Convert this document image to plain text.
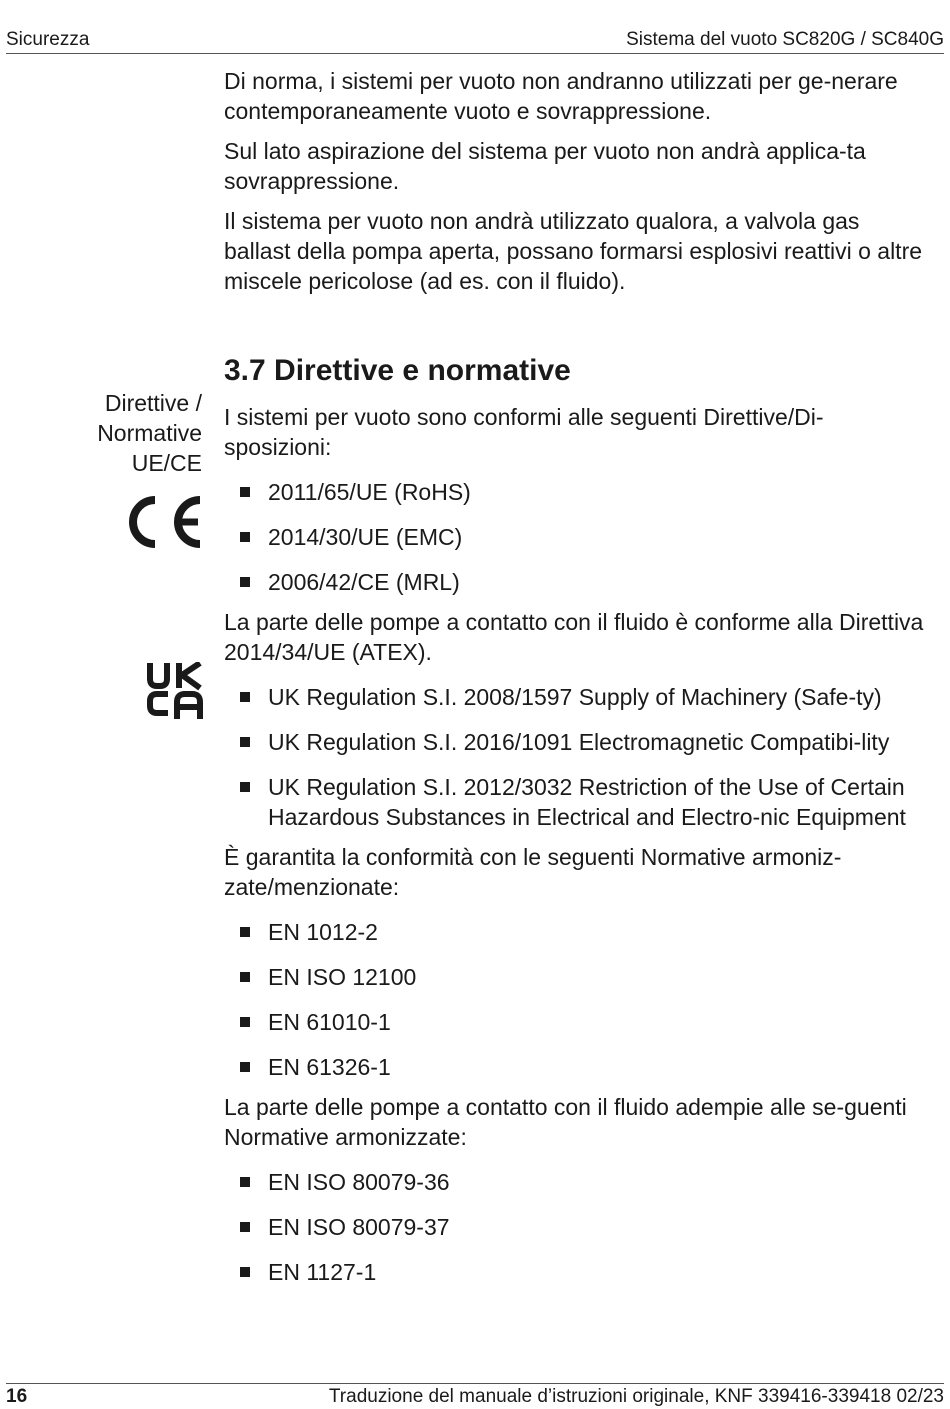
Sicurezza	Sistema del vuoto SC820G / SC840G
Direttive /
Normative
UE/CE

Di norma, i sistemi per vuoto non andranno utilizzati per ge-nerare contemporaneamente vuoto e sovrappressione.

Sul lato aspirazione del sistema per vuoto non andrà applica-ta sovrappressione.

Il sistema per vuoto non andrà utilizzato qualora, a valvola gas ballast della pompa aperta, possano formarsi esplosivi reattivi o altre miscele pericolose (ad es. con il fluido).

3.7 Direttive e normative

I sistemi per vuoto sono conformi alle seguenti Direttive/Di-sposizioni:

2011/65/UE (RoHS)
2014/30/UE (EMC)
2006/42/CE (MRL)

La parte delle pompe a contatto con il fluido è conforme alla Direttiva 2014/34/UE (ATEX).

UK Regulation S.I. 2008/1597 Supply of Machinery (Safe-ty)
UK Regulation S.I. 2016/1091 Electromagnetic Compatibi-lity
UK Regulation S.I. 2012/3032 Restriction of the Use of Certain Hazardous Substances in Electrical and Electro-nic Equipment

È garantita la conformità con le seguenti Normative armoniz-zate/menzionate:

EN 1012-2
EN ISO 12100
EN 61010-1
EN 61326-1

La parte delle pompe a contatto con il fluido adempie alle se-guenti Normative armonizzate:

EN ISO 80079-36
EN ISO 80079-37
EN 1127-1
16	Traduzione del manuale d’istruzioni originale, KNF 339416-339418 02/23
